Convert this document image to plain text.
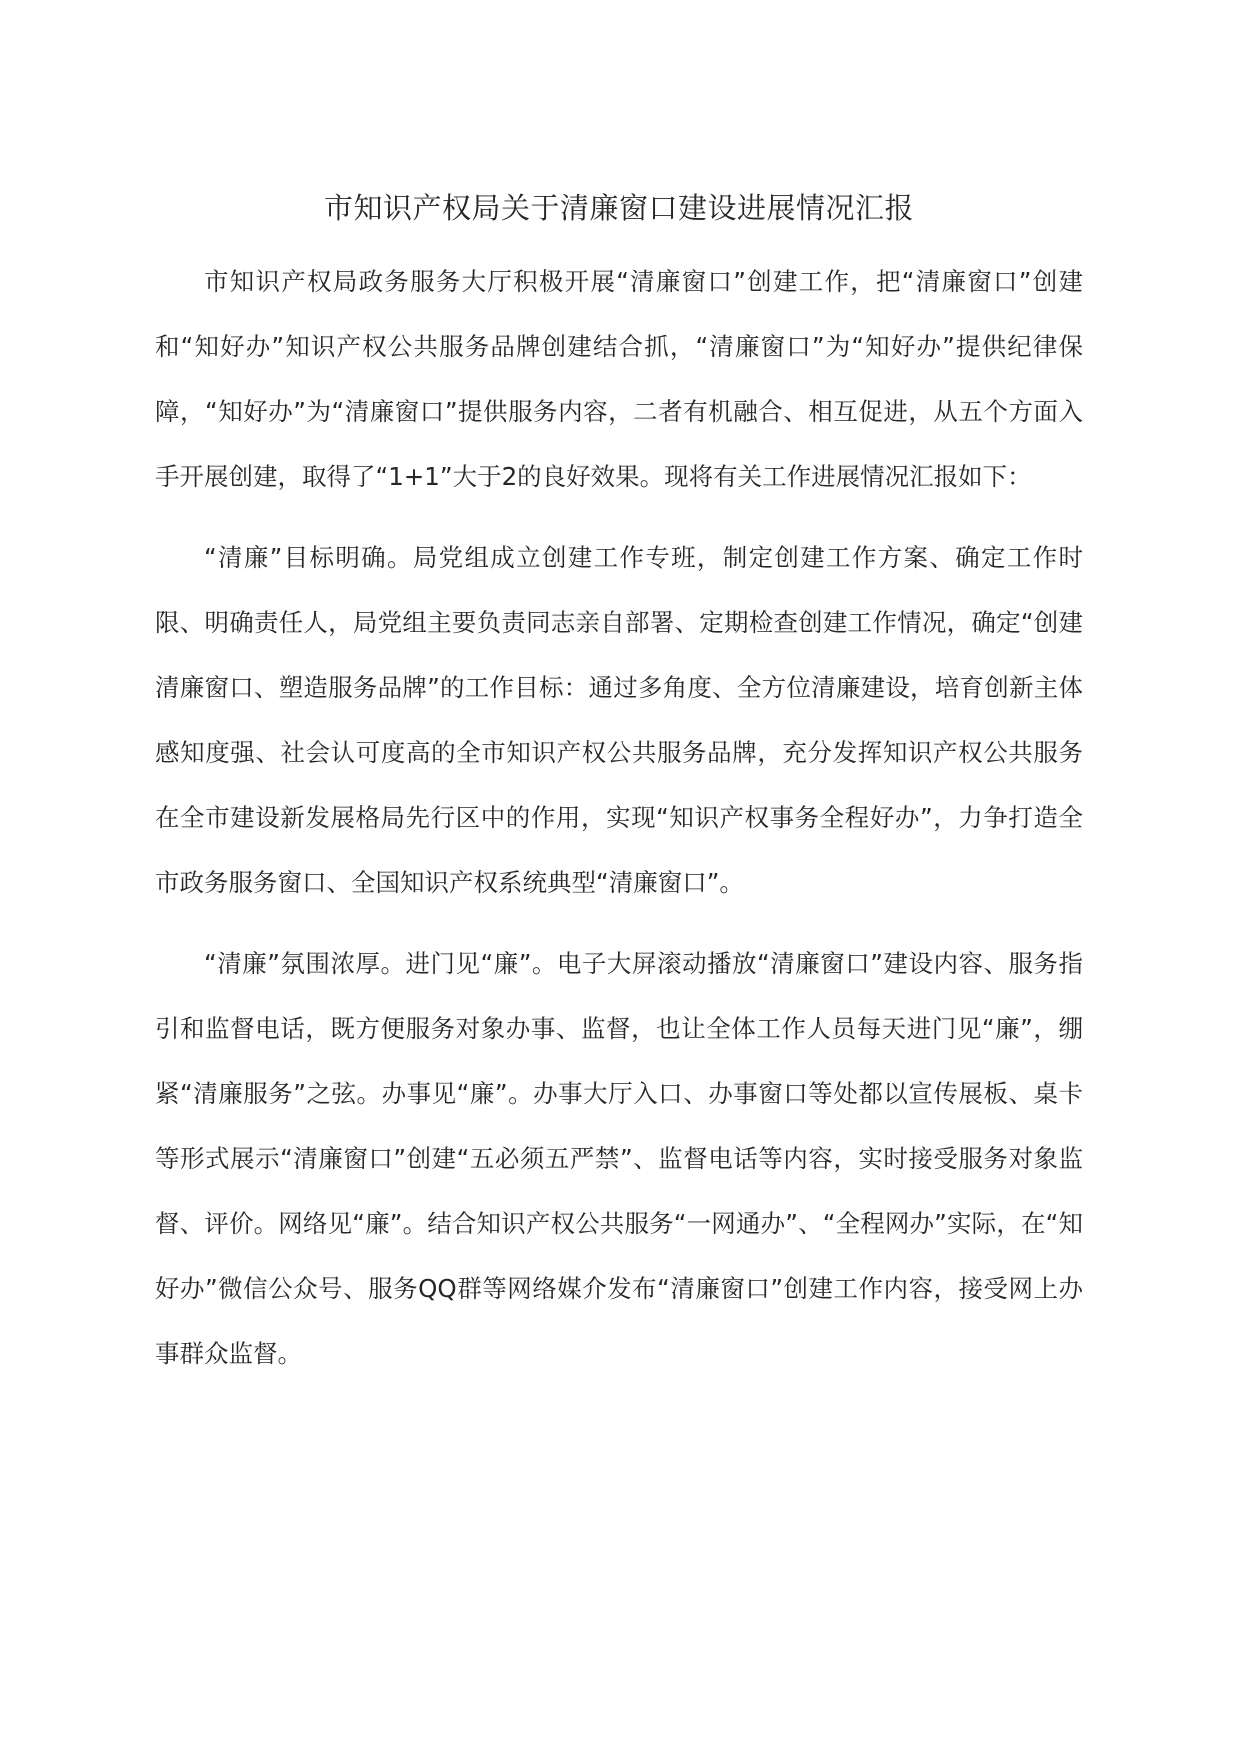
市知识产权局关于清廉窗口建设进展情况汇报

市知识产权局政务服务大厅积极开展“清廉窗口”创建工作，把“清廉窗口”创建和“知好办”知识产权公共服务品牌创建结合抓，“清廉窗口”为“知好办”提供纪律保障，“知好办”为“清廉窗口”提供服务内容，二者有机融合、相互促进，从五个方面入手开展创建，取得了“1+1”大于2的良好效果。现将有关工作进展情况汇报如下：

“清廉”目标明确。局党组成立创建工作专班，制定创建工作方案、确定工作时限、明确责任人，局党组主要负责同志亲自部署、定期检查创建工作情况，确定“创建清廉窗口、塑造服务品牌”的工作目标：通过多角度、全方位清廉建设，培育创新主体感知度强、社会认可度高的全市知识产权公共服务品牌，充分发挥知识产权公共服务在全市建设新发展格局先行区中的作用，实现“知识产权事务全程好办”，力争打造全市政务服务窗口、全国知识产权系统典型“清廉窗口”。

“清廉”氛围浓厚。进门见“廉”。电子大屏滚动播放“清廉窗口”建设内容、服务指引和监督电话，既方便服务对象办事、监督，也让全体工作人员每天进门见“廉”，绷紧“清廉服务”之弦。办事见“廉”。办事大厅入口、办事窗口等处都以宣传展板、桌卡等形式展示“清廉窗口”创建“五必须五严禁”、监督电话等内容，实时接受服务对象监督、评价。网络见“廉”。结合知识产权公共服务“一网通办”、“全程网办”实际，在“知好办”微信公众号、服务QQ群等网络媒介发布“清廉窗口”创建工作内容，接受网上办事群众监督。
